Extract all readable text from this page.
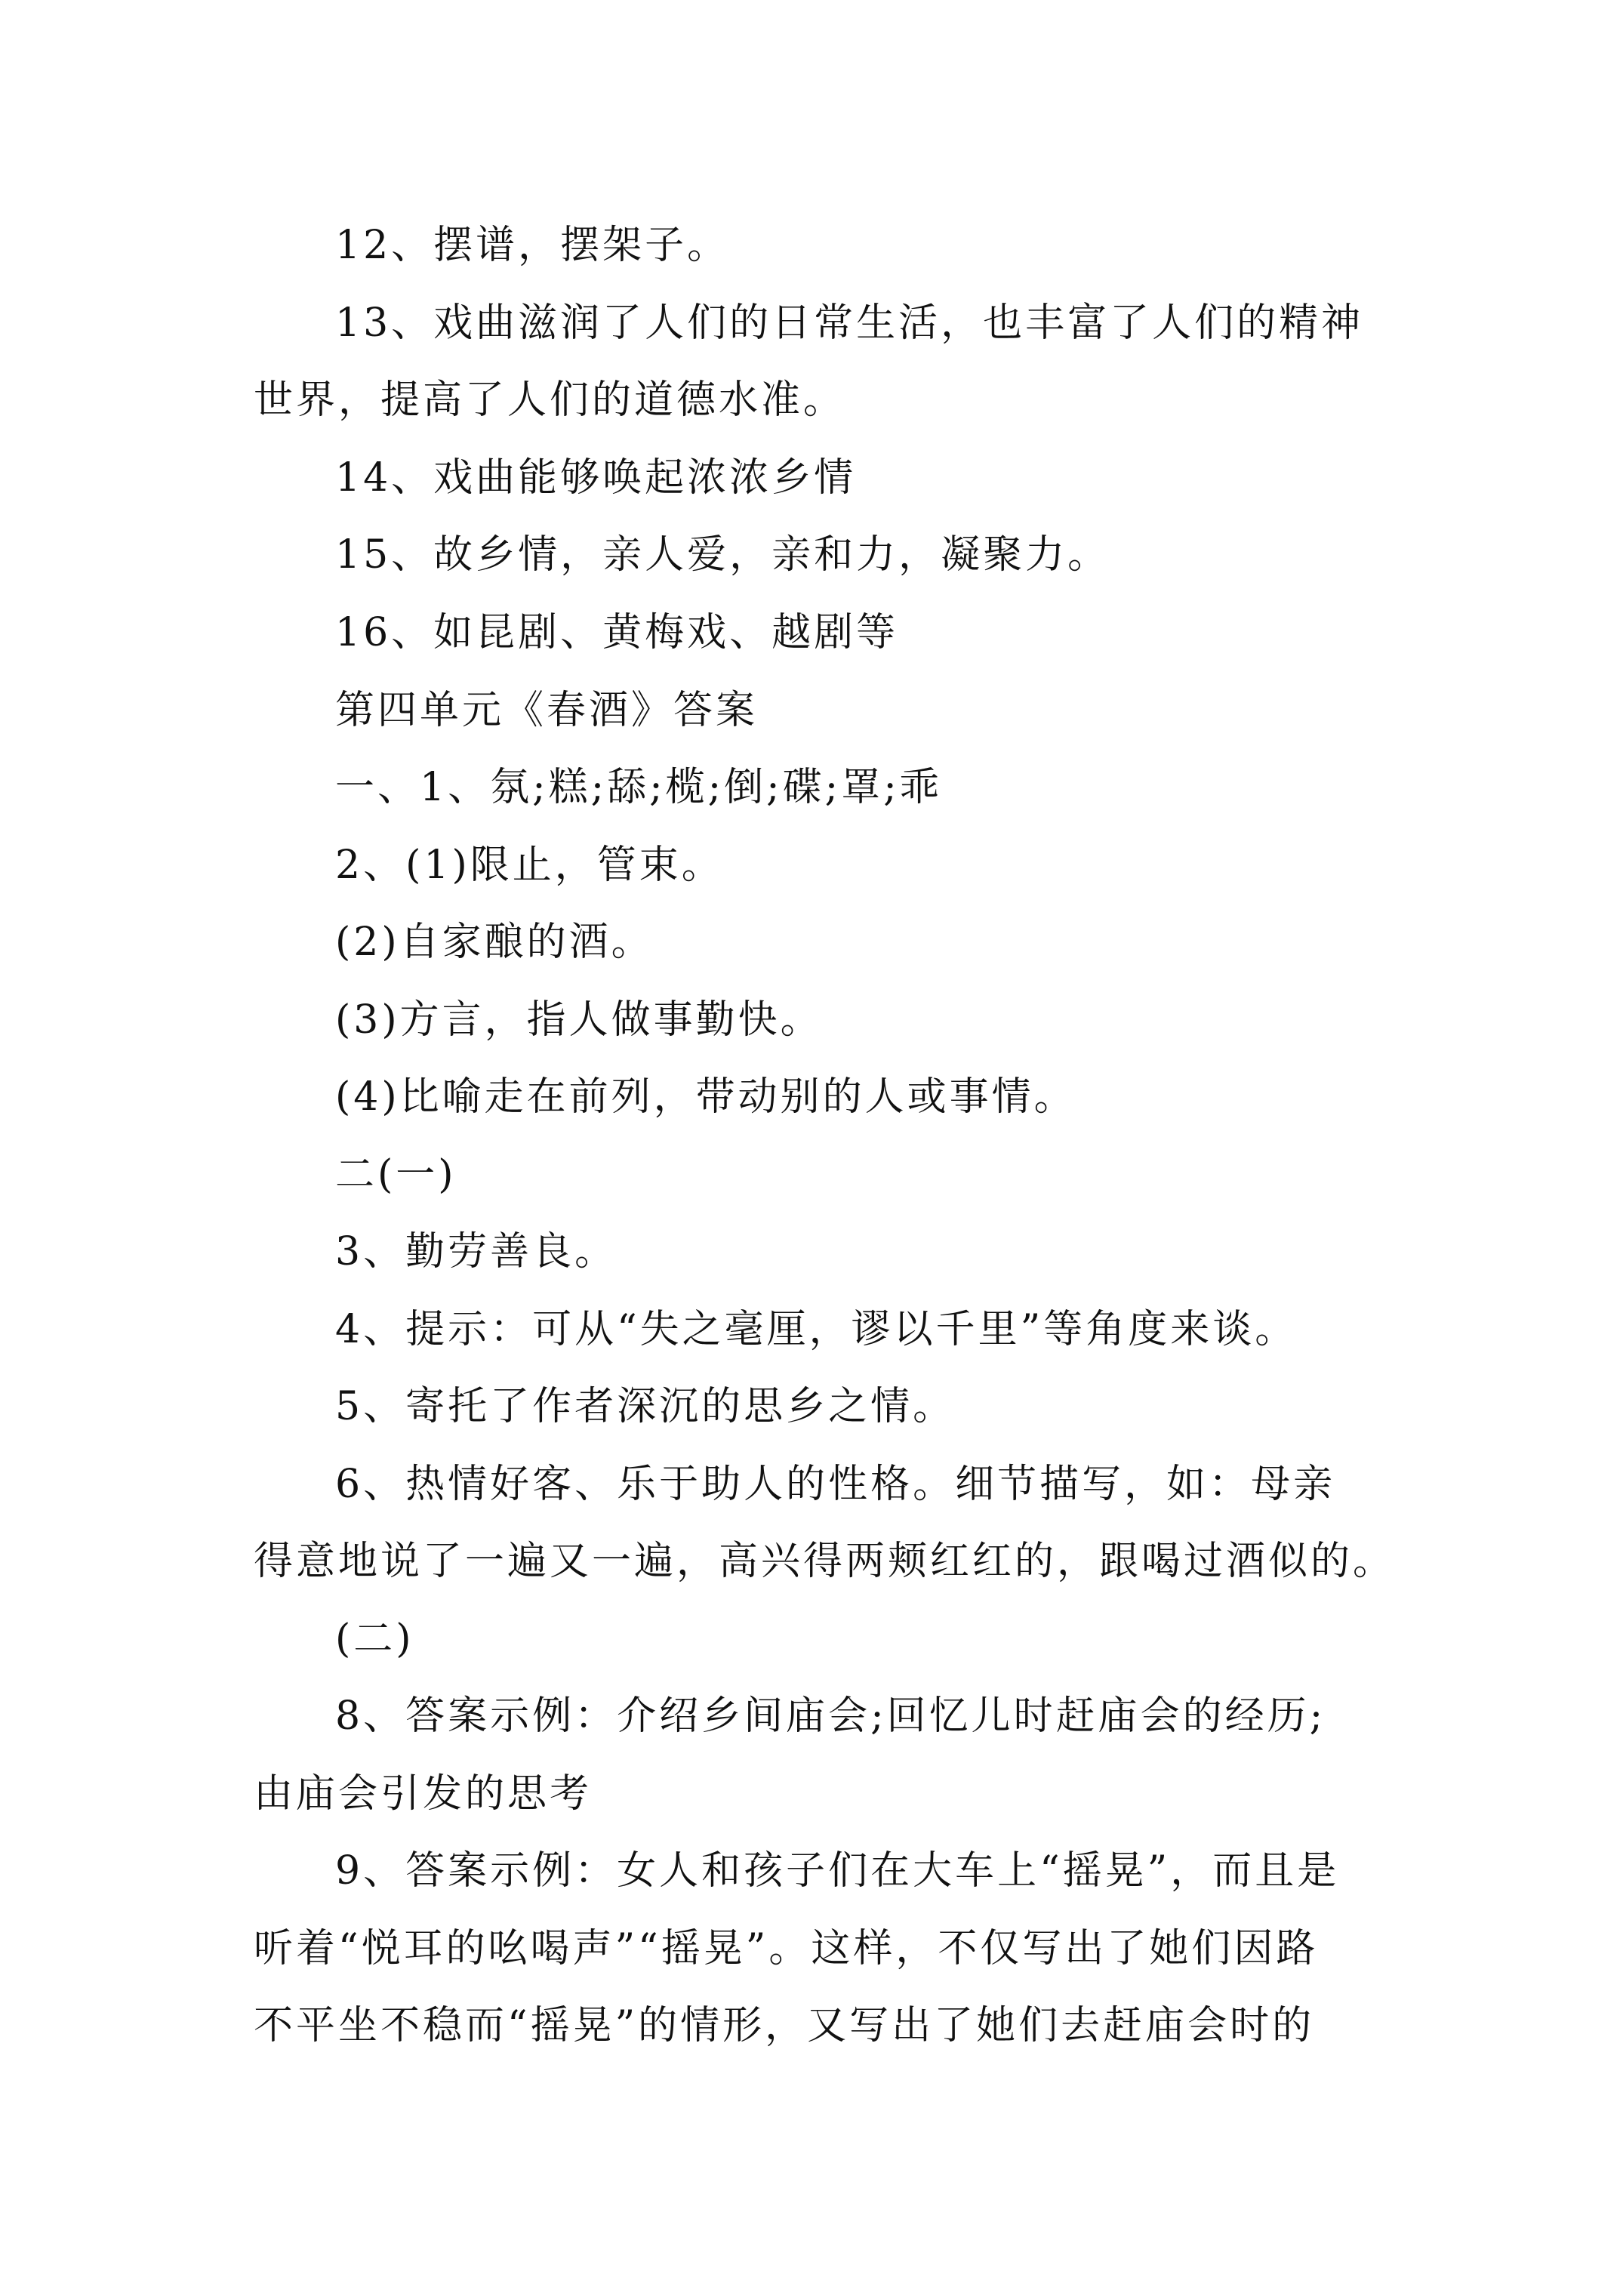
12、摆谱，摆架子。
13、戏曲滋润了人们的日常生活，也丰富了人们的精神
世界，提高了人们的道德水准。
14、戏曲能够唤起浓浓乡情
15、故乡情，亲人爱，亲和力，凝聚力。
16、如昆剧、黄梅戏、越剧等
第四单元《春酒》答案
一、1、氛;糕;舔;榄;倒;碟;罩;乖
2、(1)限止，管束。
(2)自家酿的酒。
(3)方言，指人做事勤快。
(4)比喻走在前列，带动别的人或事情。
二(一)
3、勤劳善良。
4、提示：可从“失之毫厘，谬以千里”等角度来谈。
5、寄托了作者深沉的思乡之情。
6、热情好客、乐于助人的性格。细节描写，如：母亲
得意地说了一遍又一遍，高兴得两颊红红的，跟喝过酒似的。
(二)
8、答案示例：介绍乡间庙会;回忆儿时赶庙会的经历;
由庙会引发的思考
9、答案示例：女人和孩子们在大车上“摇晃”，而且是
听着“悦耳的吆喝声”“摇晃”。这样，不仅写出了她们因路
不平坐不稳而“摇晃”的情形，又写出了她们去赶庙会时的
